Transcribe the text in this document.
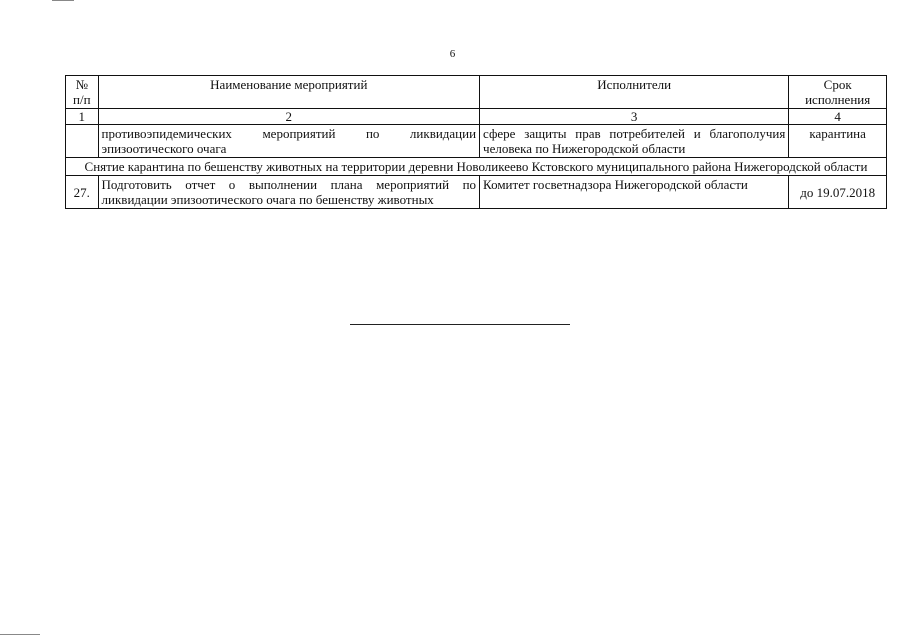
6
№ п/п	Наименование мероприятий	Исполнители	Срок исполнения
1	2	3	4
	противоэпидемических мероприятий по ликвидации эпизоотического очага	сфере защиты прав потребителей и благополучия человека по Нижегородской области	карантина
Снятие карантина по бешенству животных на территории деревни Новоликеево Кстовского муниципального района Нижегородской области			
27.	Подготовить отчет о выполнении плана мероприятий по ликвидации эпизоотического очага по бешенству животных	Комитет госветнадзора Нижегородской области	до 19.07.2018
